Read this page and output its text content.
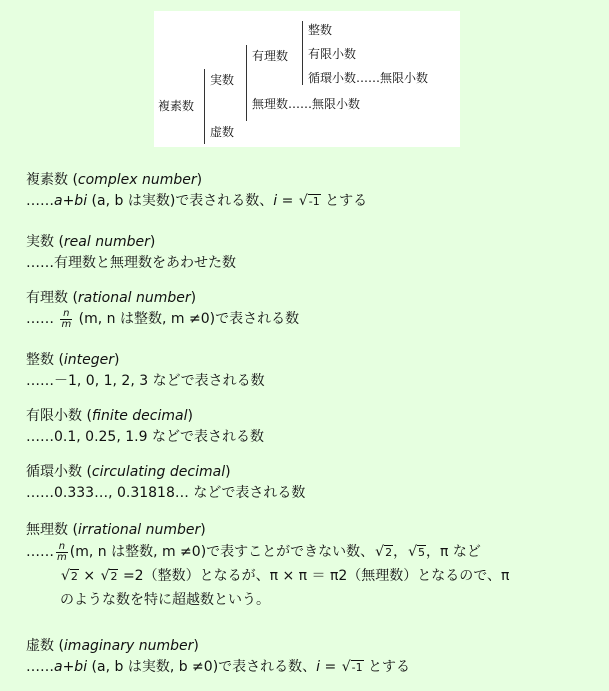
複素数
実数
虚数
有理数
無理数……無限小数
整数
有限小数
循環小数……無限小数
複素数 (complex number)
……a+bi (a, b は実数)で表される数、i = √-1 とする
実数 (real number)
……有理数と無理数をあわせた数
有理数 (rational number)
…… $\frac{n}{m} (m$, n は整数, m ≠0)で表される数
整数 (integer)
……－1, 0, 1, 2, 3 などで表される数
有限小数 (finite decimal)
……0.1, 0.25, 1.9 などで表される数
循環小数 (circulating decimal)
……0.333…, 0.31818… などで表される数
無理数 (irrational number)
…… $\frac{n}{m} (m$, n は整数, m ≠0)で表すことができない数、√2，√5，π など
√2 × √2 =2（整数）となるが、π × π ＝ π2（無理数）となるので、π
のような数を特に超越数という。
虚数 (imaginary number)
……a+bi (a, b は実数, b ≠0)で表される数、i = √-1 とする
